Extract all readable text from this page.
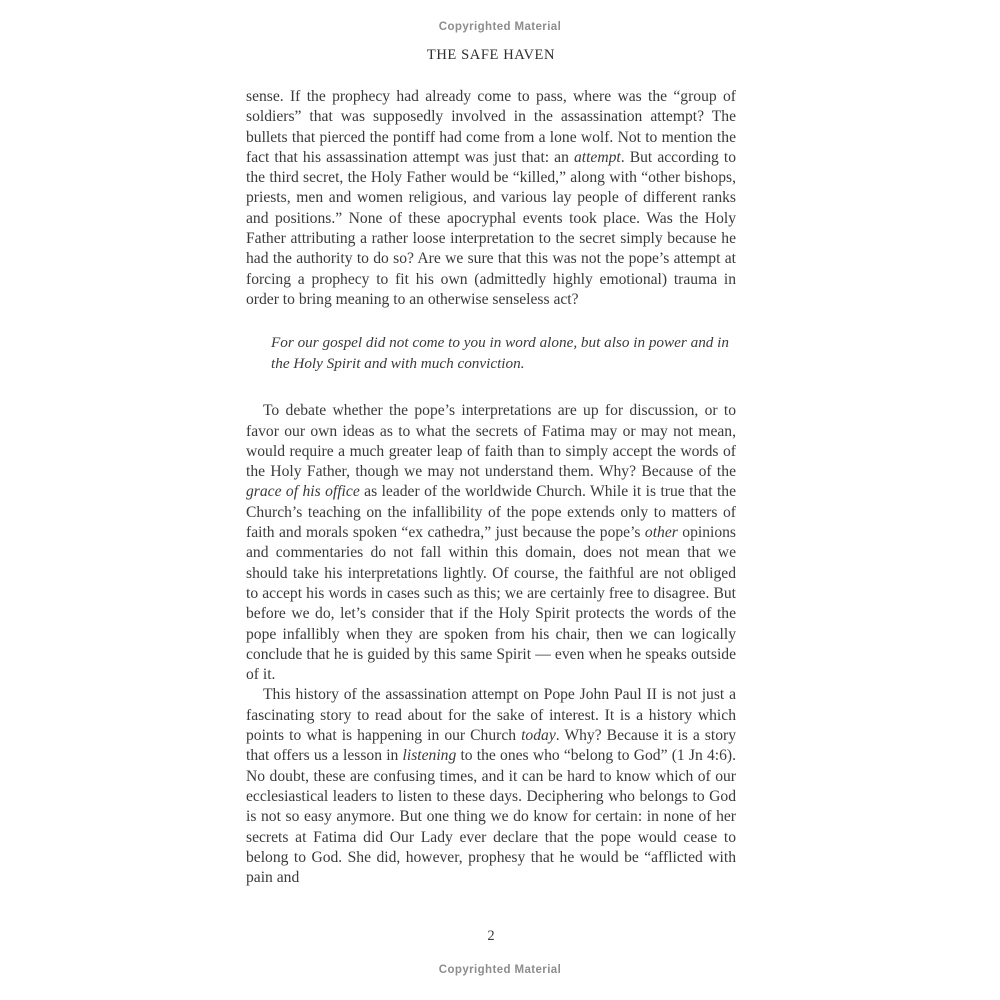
Copyrighted Material
THE SAFE HAVEN

sense. If the prophecy had already come to pass, where was the “group of soldiers” that was supposedly involved in the assassination attempt? The bullets that pierced the pontiff had come from a lone wolf. Not to mention the fact that his assassination attempt was just that: an attempt. But according to the third secret, the Holy Father would be “killed,” along with “other bishops, priests, men and women religious, and various lay people of different ranks and positions.” None of these apocryphal events took place. Was the Holy Father attributing a rather loose interpretation to the secret simply because he had the authority to do so? Are we sure that this was not the pope’s attempt at forcing a prophecy to fit his own (admittedly highly emotional) trauma in order to bring meaning to an otherwise senseless act?

For our gospel did not come to you in word alone, but also in power and in the Holy Spirit and with much conviction.

To debate whether the pope’s interpretations are up for discussion, or to favor our own ideas as to what the secrets of Fatima may or may not mean, would require a much greater leap of faith than to simply accept the words of the Holy Father, though we may not understand them. Why? Because of the grace of his office as leader of the worldwide Church. While it is true that the Church’s teaching on the infallibility of the pope extends only to matters of faith and morals spoken “ex cathedra,” just because the pope’s other opinions and commentaries do not fall within this domain, does not mean that we should take his interpretations lightly. Of course, the faithful are not obliged to accept his words in cases such as this; we are certainly free to disagree. But before we do, let’s consider that if the Holy Spirit protects the words of the pope infallibly when they are spoken from his chair, then we can logically conclude that he is guided by this same Spirit — even when he speaks outside of it.

This history of the assassination attempt on Pope John Paul II is not just a fascinating story to read about for the sake of interest. It is a history which points to what is happening in our Church today. Why? Because it is a story that offers us a lesson in listening to the ones who “belong to God” (1 Jn 4:6). No doubt, these are confusing times, and it can be hard to know which of our ecclesiastical leaders to listen to these days. Deciphering who belongs to God is not so easy anymore. But one thing we do know for certain: in none of her secrets at Fatima did Our Lady ever declare that the pope would cease to belong to God. She did, however, prophesy that he would be “afflicted with pain and

2
Copyrighted Material
